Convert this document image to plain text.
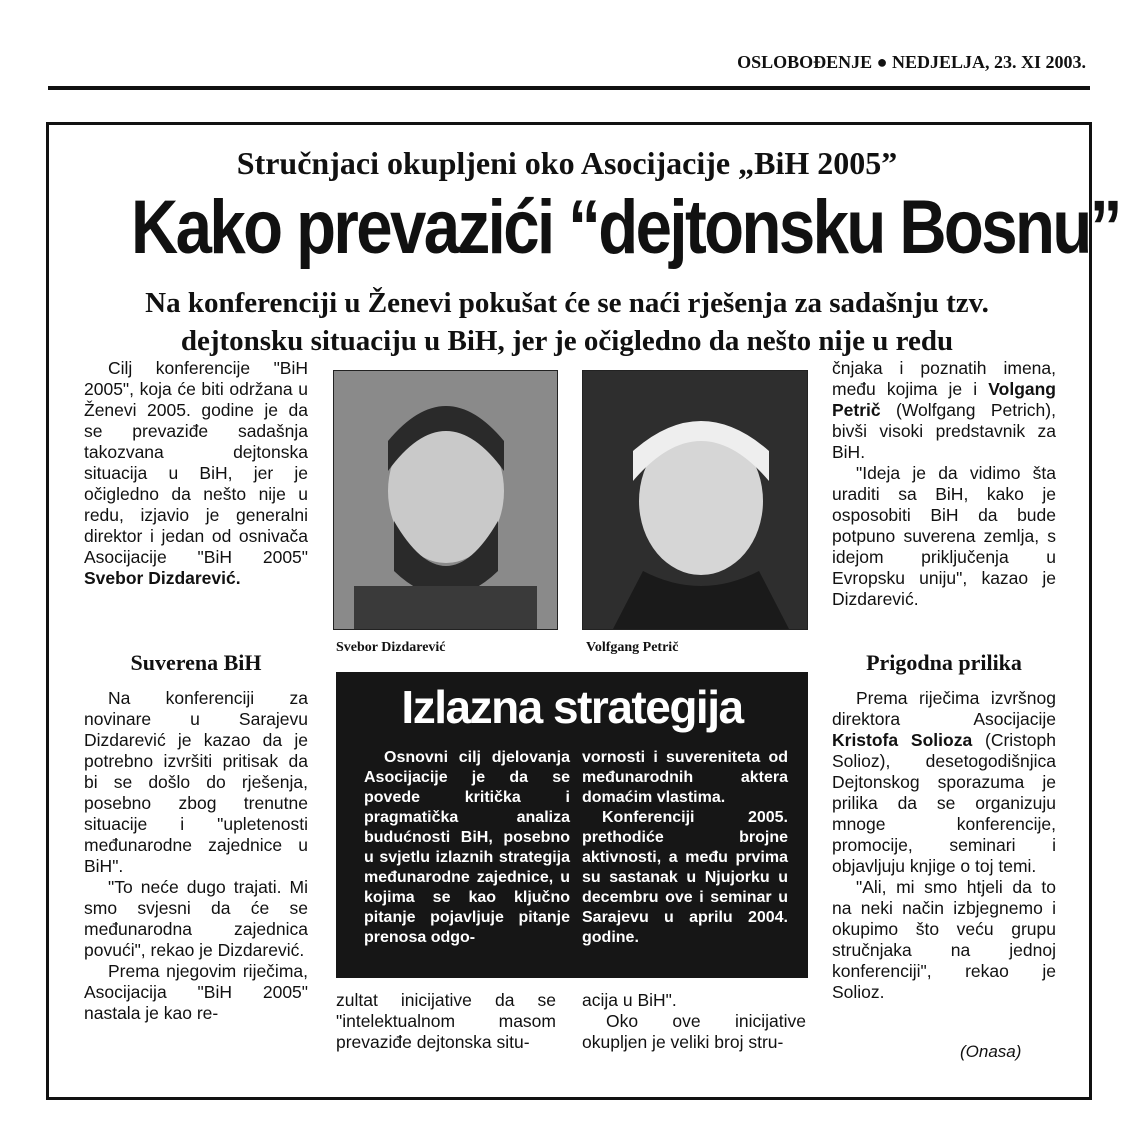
OSLOBOĐENJE ● NEDJELJA, 23. XI 2003.
Stručnjaci okupljeni oko Asocijacije „BiH 2005”
Kako prevazići “dejtonsku Bosnu”
Na konferenciji u Ženevi pokušat će se naći rješenja za sadašnju tzv.
dejtonsku situaciju u BiH, jer je očigledno da nešto nije u redu

Cilj konferencije "BiH 2005", koja će biti održana u Ženevi 2005. godine je da se prevaziđe sadašnja takozvana dejtonska situacija u BiH, jer je očigledno da nešto nije u redu, izjavio je generalni direktor i jedan od osnivača Asocijacije "BiH 2005" Svebor Dizdarević.

Suverena BiH

Na konferenciji za novinare u Sarajevu Dizdarević je kazao da je potrebno izvršiti pritisak da bi se došlo do rješenja, posebno zbog trenutne situacije i "upletenosti međunarodne zajednice u BiH".

"To neće dugo trajati. Mi smo svjesni da će se međunarodna zajednica povući", rekao je Dizdarević.

Prema njegovim riječima, Asocijacija "BiH 2005" nastala je kao re-

Svebor Dizdarević	Volfgang Petrič
Izlazna strategija

Osnovni cilj djelovanja Asocijacije je da se povede kritička i pragmatička analiza budućnosti BiH, posebno u svjetlu izlaznih strategija međunarodne zajednice, u kojima se kao ključno pitanje pojavljuje pitanje prenosa odgo-

vornosti i suvereniteta od međunarodnih aktera domaćim vlastima.

Konferenciji 2005. prethodiće brojne aktivnosti, a među prvima su sastanak u Njujorku u decembru ove i seminar u Sarajevu u aprilu 2004. godine.

zultat inicijative da se "intelektualnom masom prevaziđe dejtonska situ-

acija u BiH".

Oko ove inicijative okupljen je veliki broj stru-

čnjaka i poznatih imena, među kojima je i Volgang Petrič (Wolfgang Petrich), bivši visoki predstavnik za BiH.

"Ideja je da vidimo šta uraditi sa BiH, kako je osposobiti BiH da bude potpuno suverena zemlja, s idejom priključenja u Evropsku uniju", kazao je Dizdarević.

Prigodna prilika

Prema riječima izvršnog direktora Asocijacije Kristofa Solioza (Cristoph Solioz), desetogodišnjica Dejtonskog sporazuma je prilika da se organizuju mnoge konferencije, promocije, seminari i objavljuju knjige o toj temi.

"Ali, mi smo htjeli da to na neki način izbjegnemo i okupimo što veću grupu stručnjaka na jednoj konferenciji", rekao je Solioz.

(Onasa)
